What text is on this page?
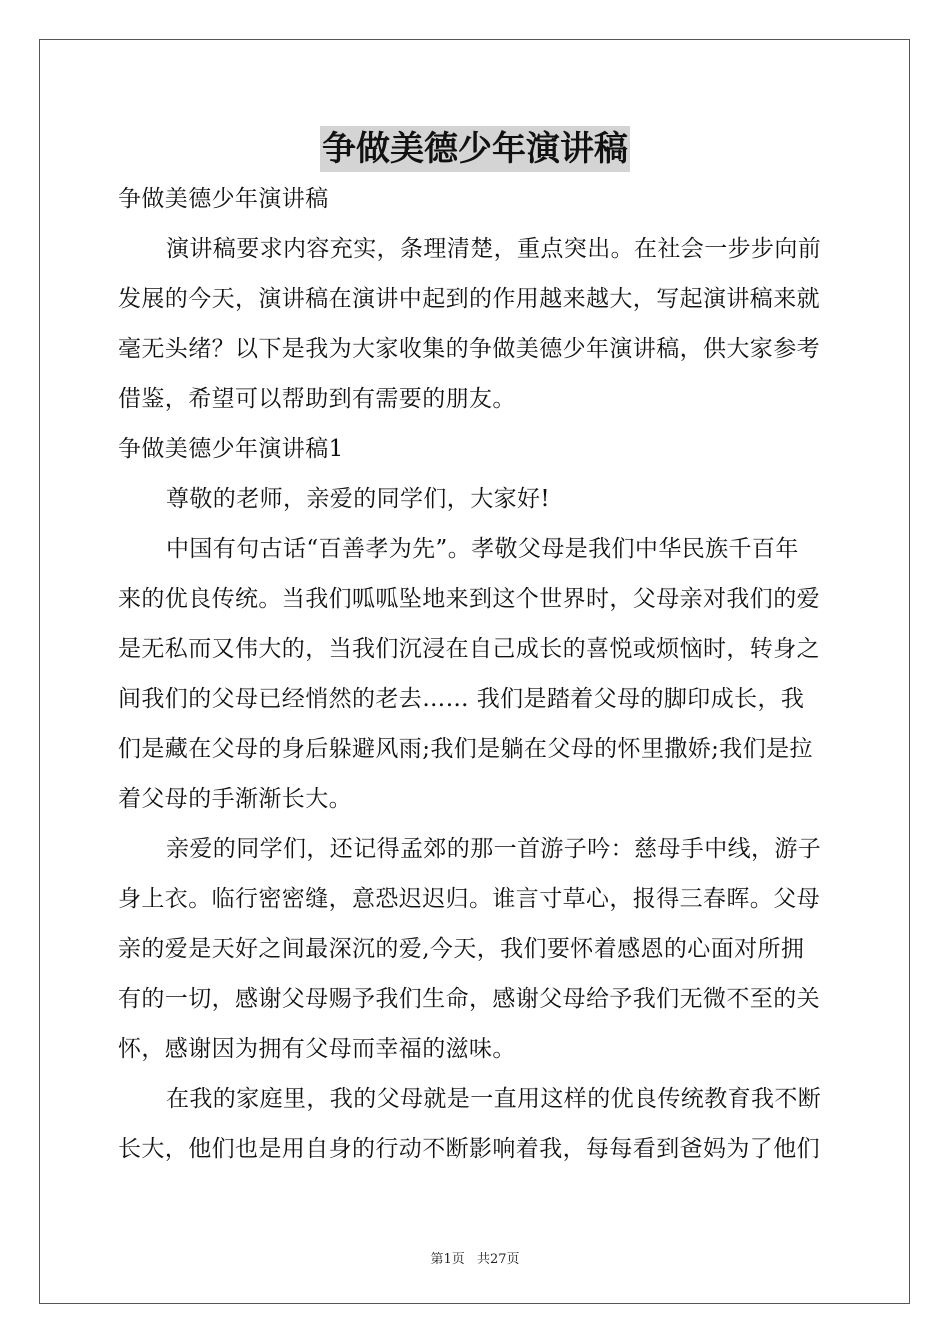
争做美德少年演讲稿
争做美德少年演讲稿
演讲稿要求内容充实，条理清楚，重点突出。在社会一步步向前
发展的今天，演讲稿在演讲中起到的作用越来越大，写起演讲稿来就
毫无头绪？以下是我为大家收集的争做美德少年演讲稿，供大家参考
借鉴，希望可以帮助到有需要的朋友。
争做美德少年演讲稿1
尊敬的老师，亲爱的同学们，大家好!
中国有句古话“百善孝为先”。孝敬父母是我们中华民族千百年
来的优良传统。当我们呱呱坠地来到这个世界时，父母亲对我们的爱
是无私而又伟大的，当我们沉浸在自己成长的喜悦或烦恼时，转身之
间我们的父母已经悄然的老去…… 我们是踏着父母的脚印成长，我
们是藏在父母的身后躲避风雨;我们是躺在父母的怀里撒娇;我们是拉
着父母的手渐渐长大。
亲爱的同学们，还记得孟郊的那一首游子吟：慈母手中线，游子
身上衣。临行密密缝，意恐迟迟归。谁言寸草心，报得三春晖。父母
亲的爱是天好之间最深沉的爱,今天，我们要怀着感恩的心面对所拥
有的一切，感谢父母赐予我们生命，感谢父母给予我们无微不至的关
怀，感谢因为拥有父母而幸福的滋味。
在我的家庭里，我的父母就是一直用这样的优良传统教育我不断
长大，他们也是用自身的行动不断影响着我，每每看到爸妈为了他们
第1页 共27页
